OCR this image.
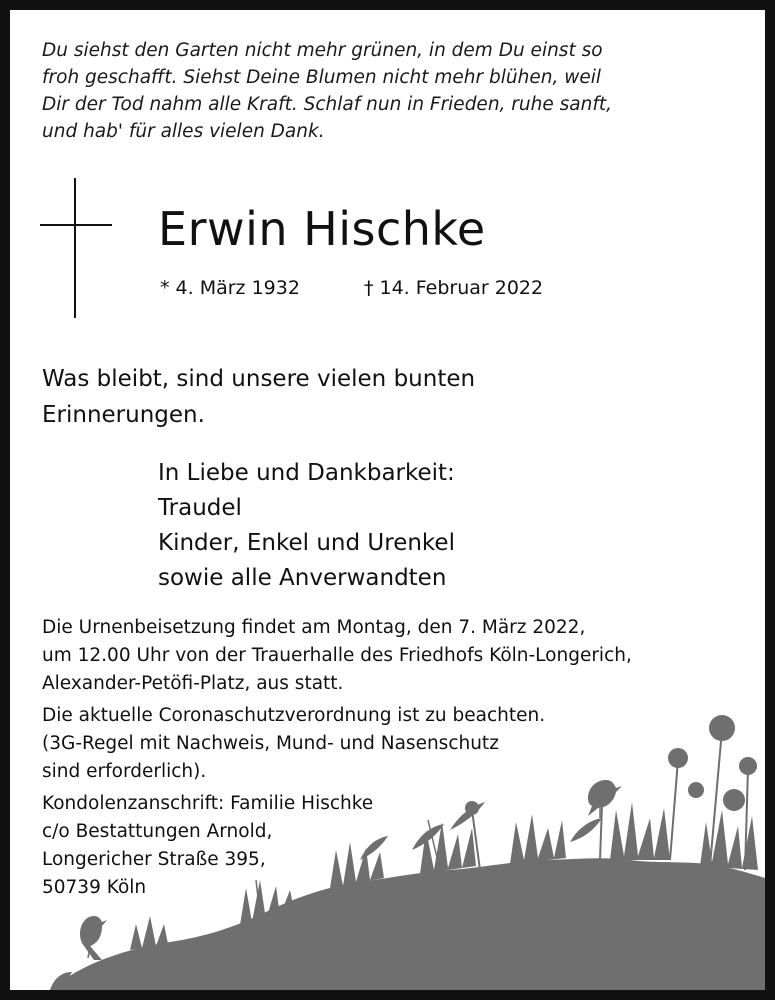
Du siehst den Garten nicht mehr grünen, in dem Du einst so
froh geschafft. Siehst Deine Blumen nicht mehr blühen, weil
Dir der Tod nahm alle Kraft. Schlaf nun in Frieden, ruhe sanft,
und hab' für alles vielen Dank.
Erwin Hischke
* 4. März 1932	† 14. Februar 2022
Was bleibt, sind unsere vielen bunten
Erinnerungen.
In Liebe und Dankbarkeit:
Traudel
Kinder, Enkel und Urenkel
sowie alle Anverwandten
Die Urnenbeisetzung findet am Montag, den 7. März 2022,
um 12.00 Uhr von der Trauerhalle des Friedhofs Köln-Longerich,
Alexander-Petöfi-Platz, aus statt.
Die aktuelle Coronaschutzverordnung ist zu beachten.
(3G-Regel mit Nachweis, Mund- und Nasenschutz
sind erforderlich).
Kondolenzanschrift: Familie Hischke
c/o Bestattungen Arnold,
Longericher Straße 395,
50739 Köln
